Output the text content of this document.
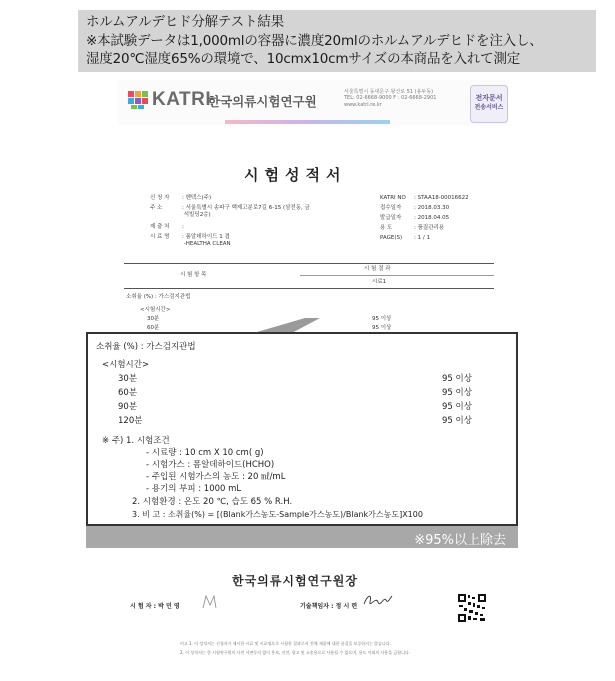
ホルムアルデヒド分解テスト結果
※本試験データは1,000mlの容器に濃度20mlのホルムアルデヒドを注入し、
湿度20℃湿度65%の環境で、10cmx10cmサイズの本商品を入れて測定
KATRI
한국의류시험연구원
서울특별시 동대문구 왕산로 51 (용두동)
TEL: 02-6668-9000 F : 02-6668-2901
www.katri.re.kr
전자문서
전송서비스
시험성적서
신 청 자 : 벤텍스(주)
주 소	: 서울특별시 송파구 백제고분로7길 6-15 (삼전동, 금
석빌딩2층)
제 출 처 :
시 료 명 : 폼알데하이드 1 겹
-HEALTHA CLEAN
KATRI NO : STAA18-00016622
접수일자 : 2018.03.30
발급일자 : 2018.04.05
용 도	: 품질관리용
PAGE(S) : 1 / 1
시 험 항 목
시 험 결 과
시료1
소취율 (%) : 가스검지관법
<시험시간>
30분	95 이상
60분	95 이상
소취율 (%) : 가스검지관법
<시험시간>
30분	95 이상
60분	95 이상
90분	95 이상
120분	95 이상
※ 주) 1. 시험조건
- 시료량 : 10 cm X 10 cm( g)
- 시험가스 : 폼알데하이드(HCHO)
- 주입된 시험가스의 농도 : 20 ㎖/mL
- 용기의 부피 : 1000 mL
2. 시험환경 : 온도 20 ℃, 습도 65 % R.H.
3. 비 고 : 소취율(%) = [(Blank가스농도-Sample가스농도)/Blank가스농도]X100
※95%以上除去
한국의류시험연구원장
시 험 자 : 박 민 영	기술책임자 : 정 시 련
비고 1. 이 성적서는 신청자가 제시한 시료 및 시료명으로 시험한 결과로서 전체 제품에 대한 품질을 보증하지는 않습니다.
2. 이 성적서는 한 시험연구원의 사전 서면동의 없이 홍보, 선전, 광고 및 소송용으로 사용될 수 없으며, 용도 이외의 사용을 금합니다.
